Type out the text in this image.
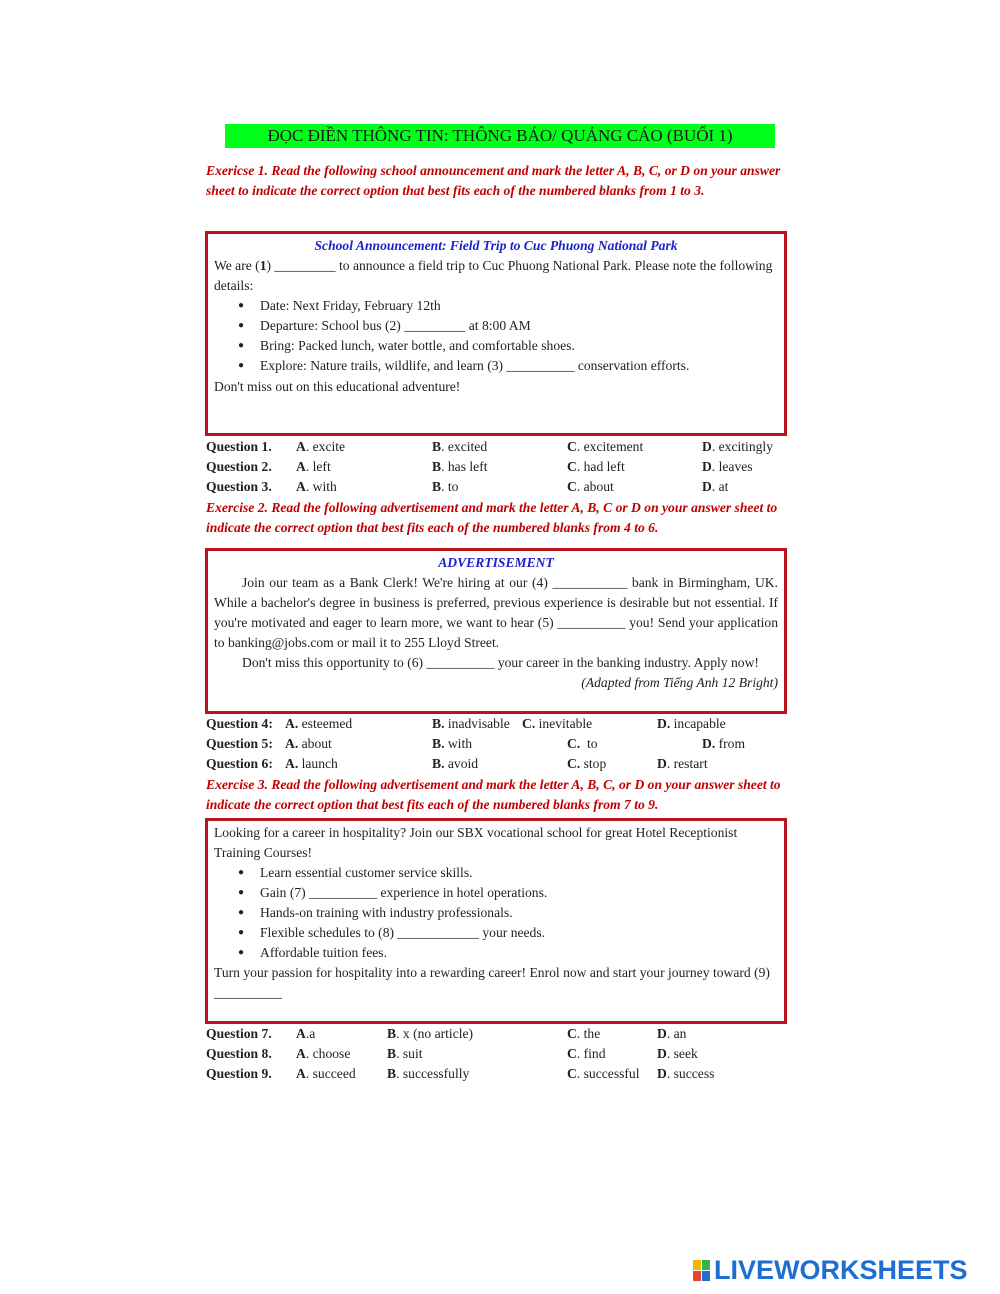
ĐỌC ĐIỀN THÔNG TIN: THÔNG BÁO/ QUẢNG CÁO (BUỔI 1)
Exericse 1. Read the following school announcement and mark the letter A, B, C, or D on your answer sheet to indicate the correct option that best fits each of the numbered blanks from 1 to 3.
School Announcement: Field Trip to Cuc Phuong National Park

We are (1) _________ to announce a field trip to Cuc Phuong National Park. Please note the following

details:

● Date: Next Friday, February 12th
● Departure: School bus (2) _________ at 8:00 AM
● Bring: Packed lunch, water bottle, and comfortable shoes.
● Explore: Nature trails, wildlife, and learn (3) __________ conservation efforts.

Don't miss out on this educational adventure!

Question 1. A. excite	B. excited	C. excitement	D. excitingly
Question 2. A. left	B. has left	C. had left	D. leaves
Question 3. A. with	B. to	C. about	D. at
Exercise 2. Read the following advertisement and mark the letter A, B, C or D on your answer sheet to indicate the correct option that best fits each of the numbered blanks from 4 to 6.
ADVERTISEMENT

Join our team as a Bank Clerk! We're hiring at our (4) ___________ bank in Birmingham, UK. While a bachelor's degree in business is preferred, previous experience is desirable but not essential. If you're motivated and eager to learn more, we want to hear (5) __________ you! Send your application to banking@jobs.com or mail it to 255 Lloyd Street.

Don't miss this opportunity to (6) __________ your career in the banking industry. Apply now!

(Adapted from Tiếng Anh 12 Bright)

Question 4: A. esteemed	B. inadvisable C. inevitable	D. incapable
Question 5: A. about	B. with	C.  to	D. from
Question 6: A. launch	B. avoid	C. stop	D. restart
Exercise 3. Read the following advertisement and mark the letter A, B, C, or D on your answer sheet to indicate the correct option that best fits each of the numbered blanks from 7 to 9.

Looking for a career in hospitality? Join our SBX vocational school for great Hotel Receptionist Training Courses!

● Learn essential customer service skills.
● Gain (7) __________ experience in hotel operations.
● Hands-on training with industry professionals.
● Flexible schedules to (8) ____________ your needs.
● Affordable tuition fees.

Turn your passion for hospitality into a rewarding career! Enrol now and start your journey toward (9)

__________

Question 7. A.a	B. x (no article)	C. the	D. an
Question 8. A. choose	B. suit	C. find	D. seek
Question 9. A. succeed B. successfully	C. successful D. success
LIVEWORKSHEETS
